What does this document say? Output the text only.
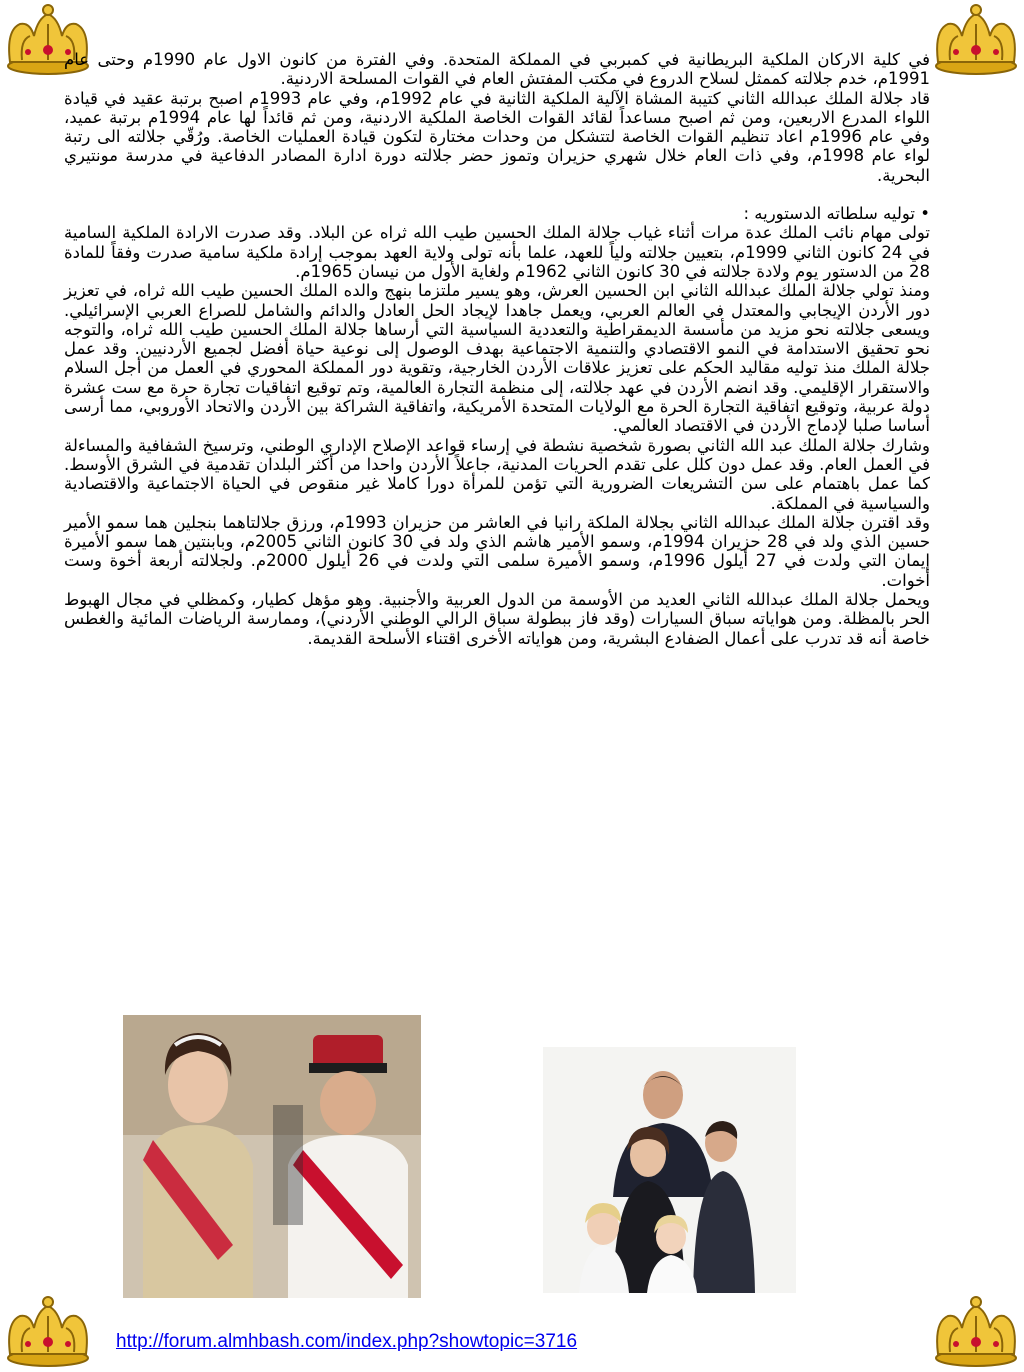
في كلية الاركان الملكية البريطانية في كمبربي في المملكة المتحدة. وفي الفترة من كانون الاول عام 1990م وحتى عام 1991م، خدم جلالته كممثل لسلاح الدروع في مكتب المفتش العام في القوات المسلحة الاردنية.

قاد جلالة الملك عبدالله الثاني كتيبة المشاة الآلية الملكية الثانية في عام 1992م، وفي عام 1993م اصبح برتبة عقيد في قيادة اللواء المدرع الاربعين، ومن ثم اصبح مساعداً لقائد القوات الخاصة الملكية الاردنية، ومن ثم قائداً لها عام 1994م برتبة عميد، وفي عام 1996م اعاد تنظيم القوات الخاصة لتتشكل من وحدات مختارة لتكون قيادة العمليات الخاصة. ورُقّي جلالته الى رتبة لواء عام 1998م، وفي ذات العام خلال شهري حزيران وتموز حضر جلالته دورة ادارة المصادر الدفاعية في مدرسة مونتيري البحرية.

• توليه سلطاته الدستوريه :

تولى مهام نائب الملك عدة مرات أثناء غياب جلالة الملك الحسين طيب الله ثراه عن البلاد. وقد صدرت الارادة الملكية السامية في 24 كانون الثاني 1999م، بتعيين جلالته ولياً للعهد، علما بأنه تولى ولاية العهد بموجب إرادة ملكية سامية صدرت وفقاً للمادة 28 من الدستور يوم ولادة جلالته في 30 كانون الثاني 1962م ولغاية الأول من نيسان 1965م.

ومنذ تولي جلالة الملك عبدالله الثاني ابن الحسين العرش، وهو يسير ملتزما بنهج والده الملك الحسين طيب الله ثراه، في تعزيز دور الأردن الإيجابي والمعتدل في العالم العربي، ويعمل جاهدا لإيجاد الحل العادل والدائم والشامل للصراع العربي الإسرائيلي. ويسعى جلالته نحو مزيد من مأسسة الديمقراطية والتعددية السياسية التي أرساها جلالة الملك الحسين طيب الله ثراه، والتوجه نحو تحقيق الاستدامة في النمو الاقتصادي والتنمية الاجتماعية بهدف الوصول إلى نوعية حياة أفضل لجميع الأردنيين. وقد عمل جلالة الملك منذ توليه مقاليد الحكم على تعزيز علاقات الأردن الخارجية، وتقوية دور المملكة المحوري في العمل من أجل السلام والاستقرار الإقليمي. وقد انضم الأردن في عهد جلالته، إلى منظمة التجارة العالمية، وتم توقيع اتفاقيات تجارة حرة مع ست عشرة دولة عربية، وتوقيع اتفاقية التجارة الحرة مع الولايات المتحدة الأمريكية، واتفاقية الشراكة بين الأردن والاتحاد الأوروبي، مما أرسى أساسا صلبا لإدماج الأردن في الاقتصاد العالمي.

وشارك جلالة الملك عبد الله الثاني بصورة شخصية نشطة في إرساء قواعد الإصلاح الإداري الوطني، وترسيخ الشفافية والمساءلة في العمل العام. وقد عمل دون كلل على تقدم الحريات المدنية، جاعلاً الأردن واحدا من أكثر البلدان تقدمية في الشرق الأوسط. كما عمل باهتمام على سن التشريعات الضرورية التي تؤمن للمرأة دورا كاملا غير منقوص في الحياة الاجتماعية والاقتصادية والسياسية في المملكة.

وقد اقترن جلالة الملك عبدالله الثاني بجلالة الملكة رانيا في العاشر من حزيران 1993م، ورزق جلالتاهما بنجلين هما سمو الأمير حسين الذي ولد في 28 حزيران 1994م، وسمو الأمير هاشم الذي ولد في 30 كانون الثاني 2005م، وبابنتين هما سمو الأميرة إيمان التي ولدت في 27 أيلول 1996م، وسمو الأميرة سلمى التي ولدت في 26 أيلول 2000م. ولجلالته أربعة أخوة وست أخوات.

ويحمل جلالة الملك عبدالله الثاني العديد من الأوسمة من الدول العربية والأجنبية. وهو مؤهل كطيار، وكمظلي في مجال الهبوط الحر بالمظلة. ومن هواياته سباق السيارات (وقد فاز ببطولة سباق الرالي الوطني الأردني)، وممارسة الرياضات المائية والغطس خاصة أنه قد تدرب على أعمال الضفادع البشرية، ومن هواياته الأخرى اقتناء الأسلحة القديمة.

http://forum.almhbash.com/index.php?showtopic=3716
